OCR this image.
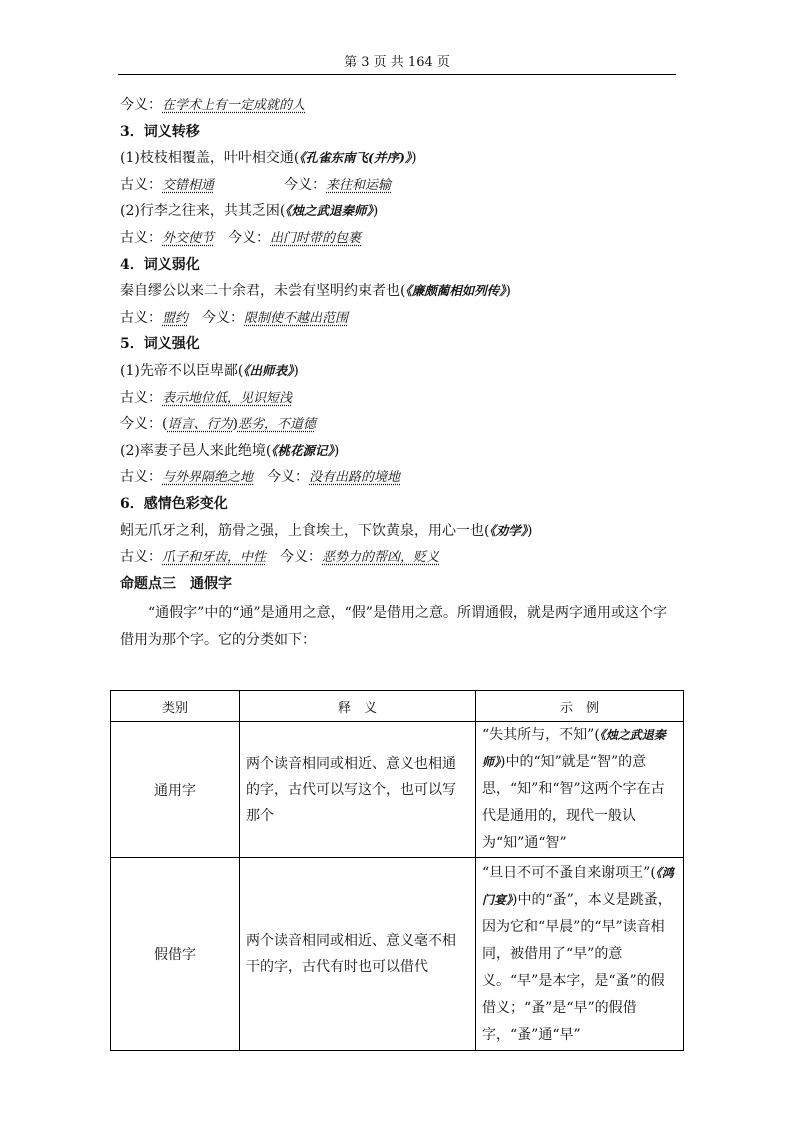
第 3 页 共 164 页
今义：在学术上有一定成就的人
3．词义转移
(1)枝枝相覆盖，叶叶相交通(《孔雀东南飞(并序)》)
古义：交错相通	今义：来往和运输
(2)行李之往来，共其乏困(《烛之武退秦师》)
古义：外交使节　 今义：出门时带的包裹
4．词义弱化
秦自缪公以来二十余君，未尝有坚明约束者也(《廉颇蔺相如列传》)
古义：盟约　 今义：限制使不越出范围
5．词义强化
(1)先帝不以臣卑鄙(《出师表》)
古义：表示地位低，见识短浅
今义：(语言、行为)恶劣，不道德
(2)率妻子邑人来此绝境(《桃花源记》)
古义：与外界隔绝之地　 今义：没有出路的境地
6．感情色彩变化
蚓无爪牙之利，筋骨之强，上食埃土，下饮黄泉，用心一也(《劝学》)
古义：爪子和牙齿，中性　 今义：恶势力的帮凶，贬义
命题点三　通假字
“通假字”中的“通”是通用之意，“假”是借用之意。所谓通假，就是两字通用或这个字借用为那个字。它的分类如下：
类别	释　义	示　例
通用字	两个读音相同或相近、意义也相通的字，古代可以写这个，也可以写那个	“失其所与，不知”(《烛之武退秦师》)中的“知”就是“智”的意思，“知”和“智”这两个字在古代是通用的，现代一般认为“知”通“智”
假借字	两个读音相同或相近、意义毫不相干的字，古代有时也可以借代	“旦日不可不蚤自来谢项王”(《鸿门宴》)中的“蚤”，本义是跳蚤，因为它和“早晨”的“早”读音相同，被借用了“早”的意义。“早”是本字，是“蚤”的假借义；“蚤”是“早”的假借字，“蚤”通“早”
